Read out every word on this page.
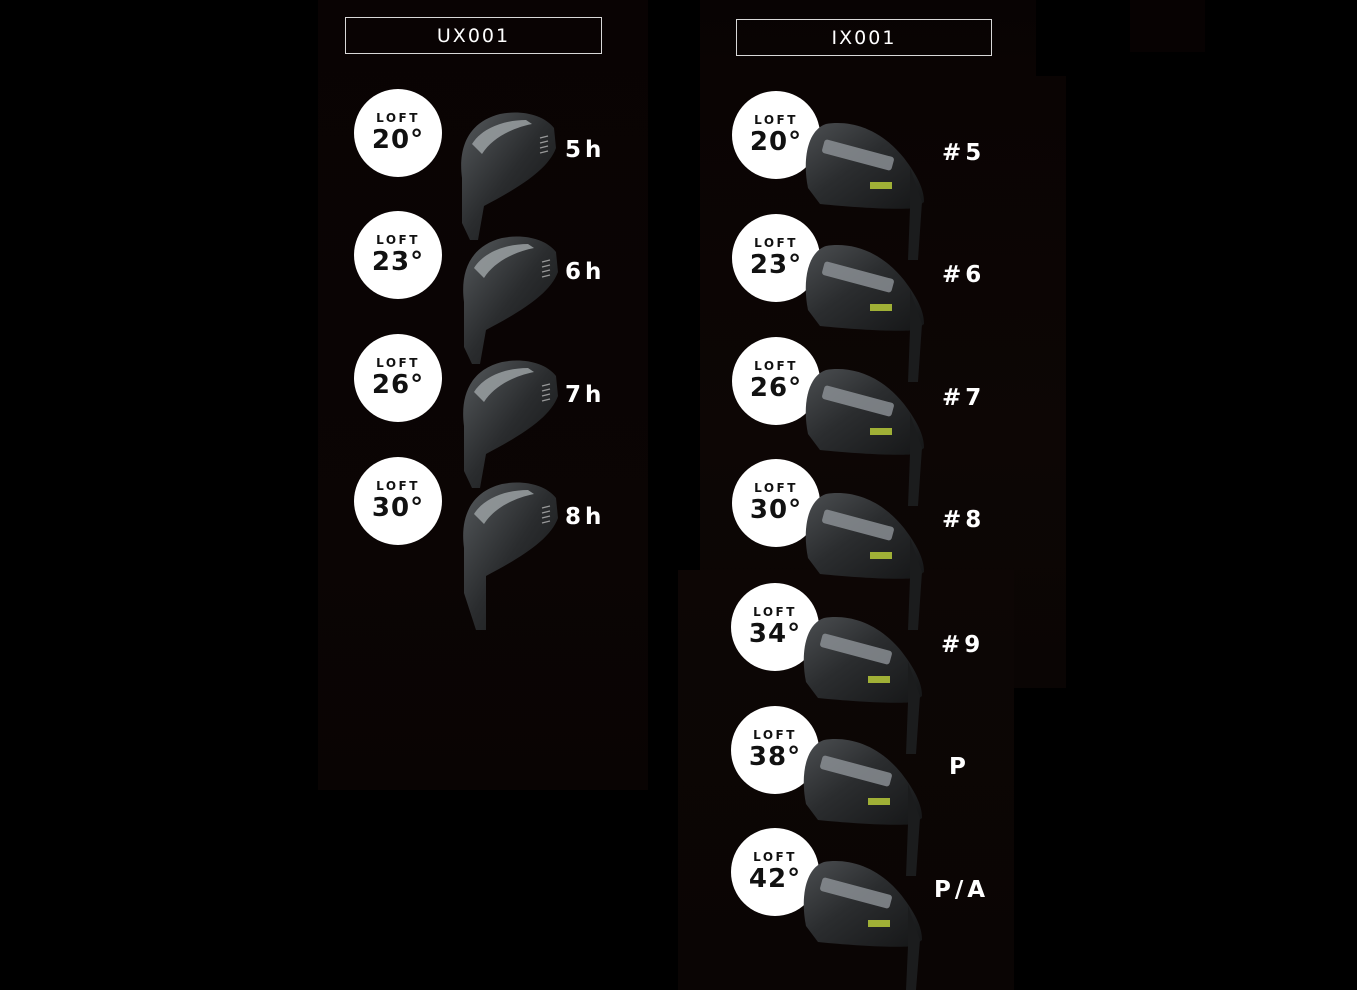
UX001	IX001
LOFT
20°	5h
LOFT
23°	6h
LOFT
26°	7h
LOFT
30°	8h
LOFT
20°	#5
LOFT
23°	#6
LOFT
26°	#7
LOFT
30°	#8
LOFT
34°	#9
LOFT
38°	P
LOFT
42°	P/A
